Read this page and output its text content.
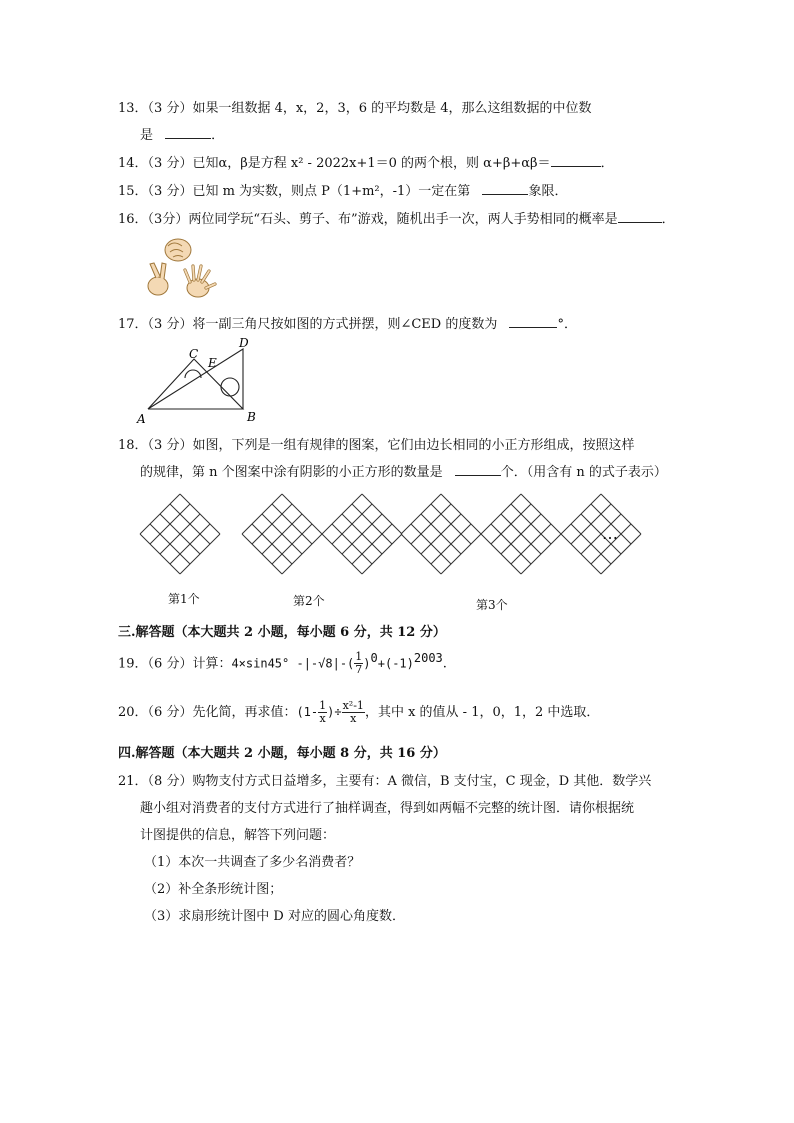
13．（3 分）如果一组数据 4，x，2，3，6 的平均数是 4，那么这组数据的中位数
是	．
14．（3 分）已知α，β是方程 x² - 2022x+1＝0 的两个根，则 α+β+αβ＝	．
15．（3 分）已知 m 为实数，则点 P（1+m²，-1）一定在第	象限．
16．（3分）两位同学玩“石头、剪子、布”游戏，随机出手一次，两人手势相同的概率是	．
17．（3 分）将一副三角尺按如图的方式拼摆，则∠CED 的度数为	°．
A	B
C
D
E
18．（3 分）如图，下列是一组有规律的图案，它们由边长相同的小正方形组成，按照这样
的规律，第 n 个图案中涂有阴影的小正方形的数量是	个．（用含有 n 的式子表示）
第1个	第2个	第3个
…
三.解答题（本大题共 2 小题，每小题 6 分，共 12 分）
19．（6 分）计算：4×sin45° $-|-√8|-( \frac{1}{7} )^0+(-1)^{2003}$.
20．（6 分）先化简，再求值：($1- \frac{1}{x}$ )÷ $\frac{\text{x²-1}}{x}$ ，其中 x 的值从 - 1，0，1，2 中选取．
四.解答题（本大题共 2 小题，每小题 8 分，共 16 分）
21．（8 分）购物支付方式日益增多，主要有：A 微信，B 支付宝，C 现金，D 其他．数学兴
趣小组对消费者的支付方式进行了抽样调查，得到如两幅不完整的统计图．请你根据统
计图提供的信息，解答下列问题：
（1）本次一共调查了多少名消费者？
（2）补全条形统计图；
（3）求扇形统计图中 D 对应的圆心角度数．
